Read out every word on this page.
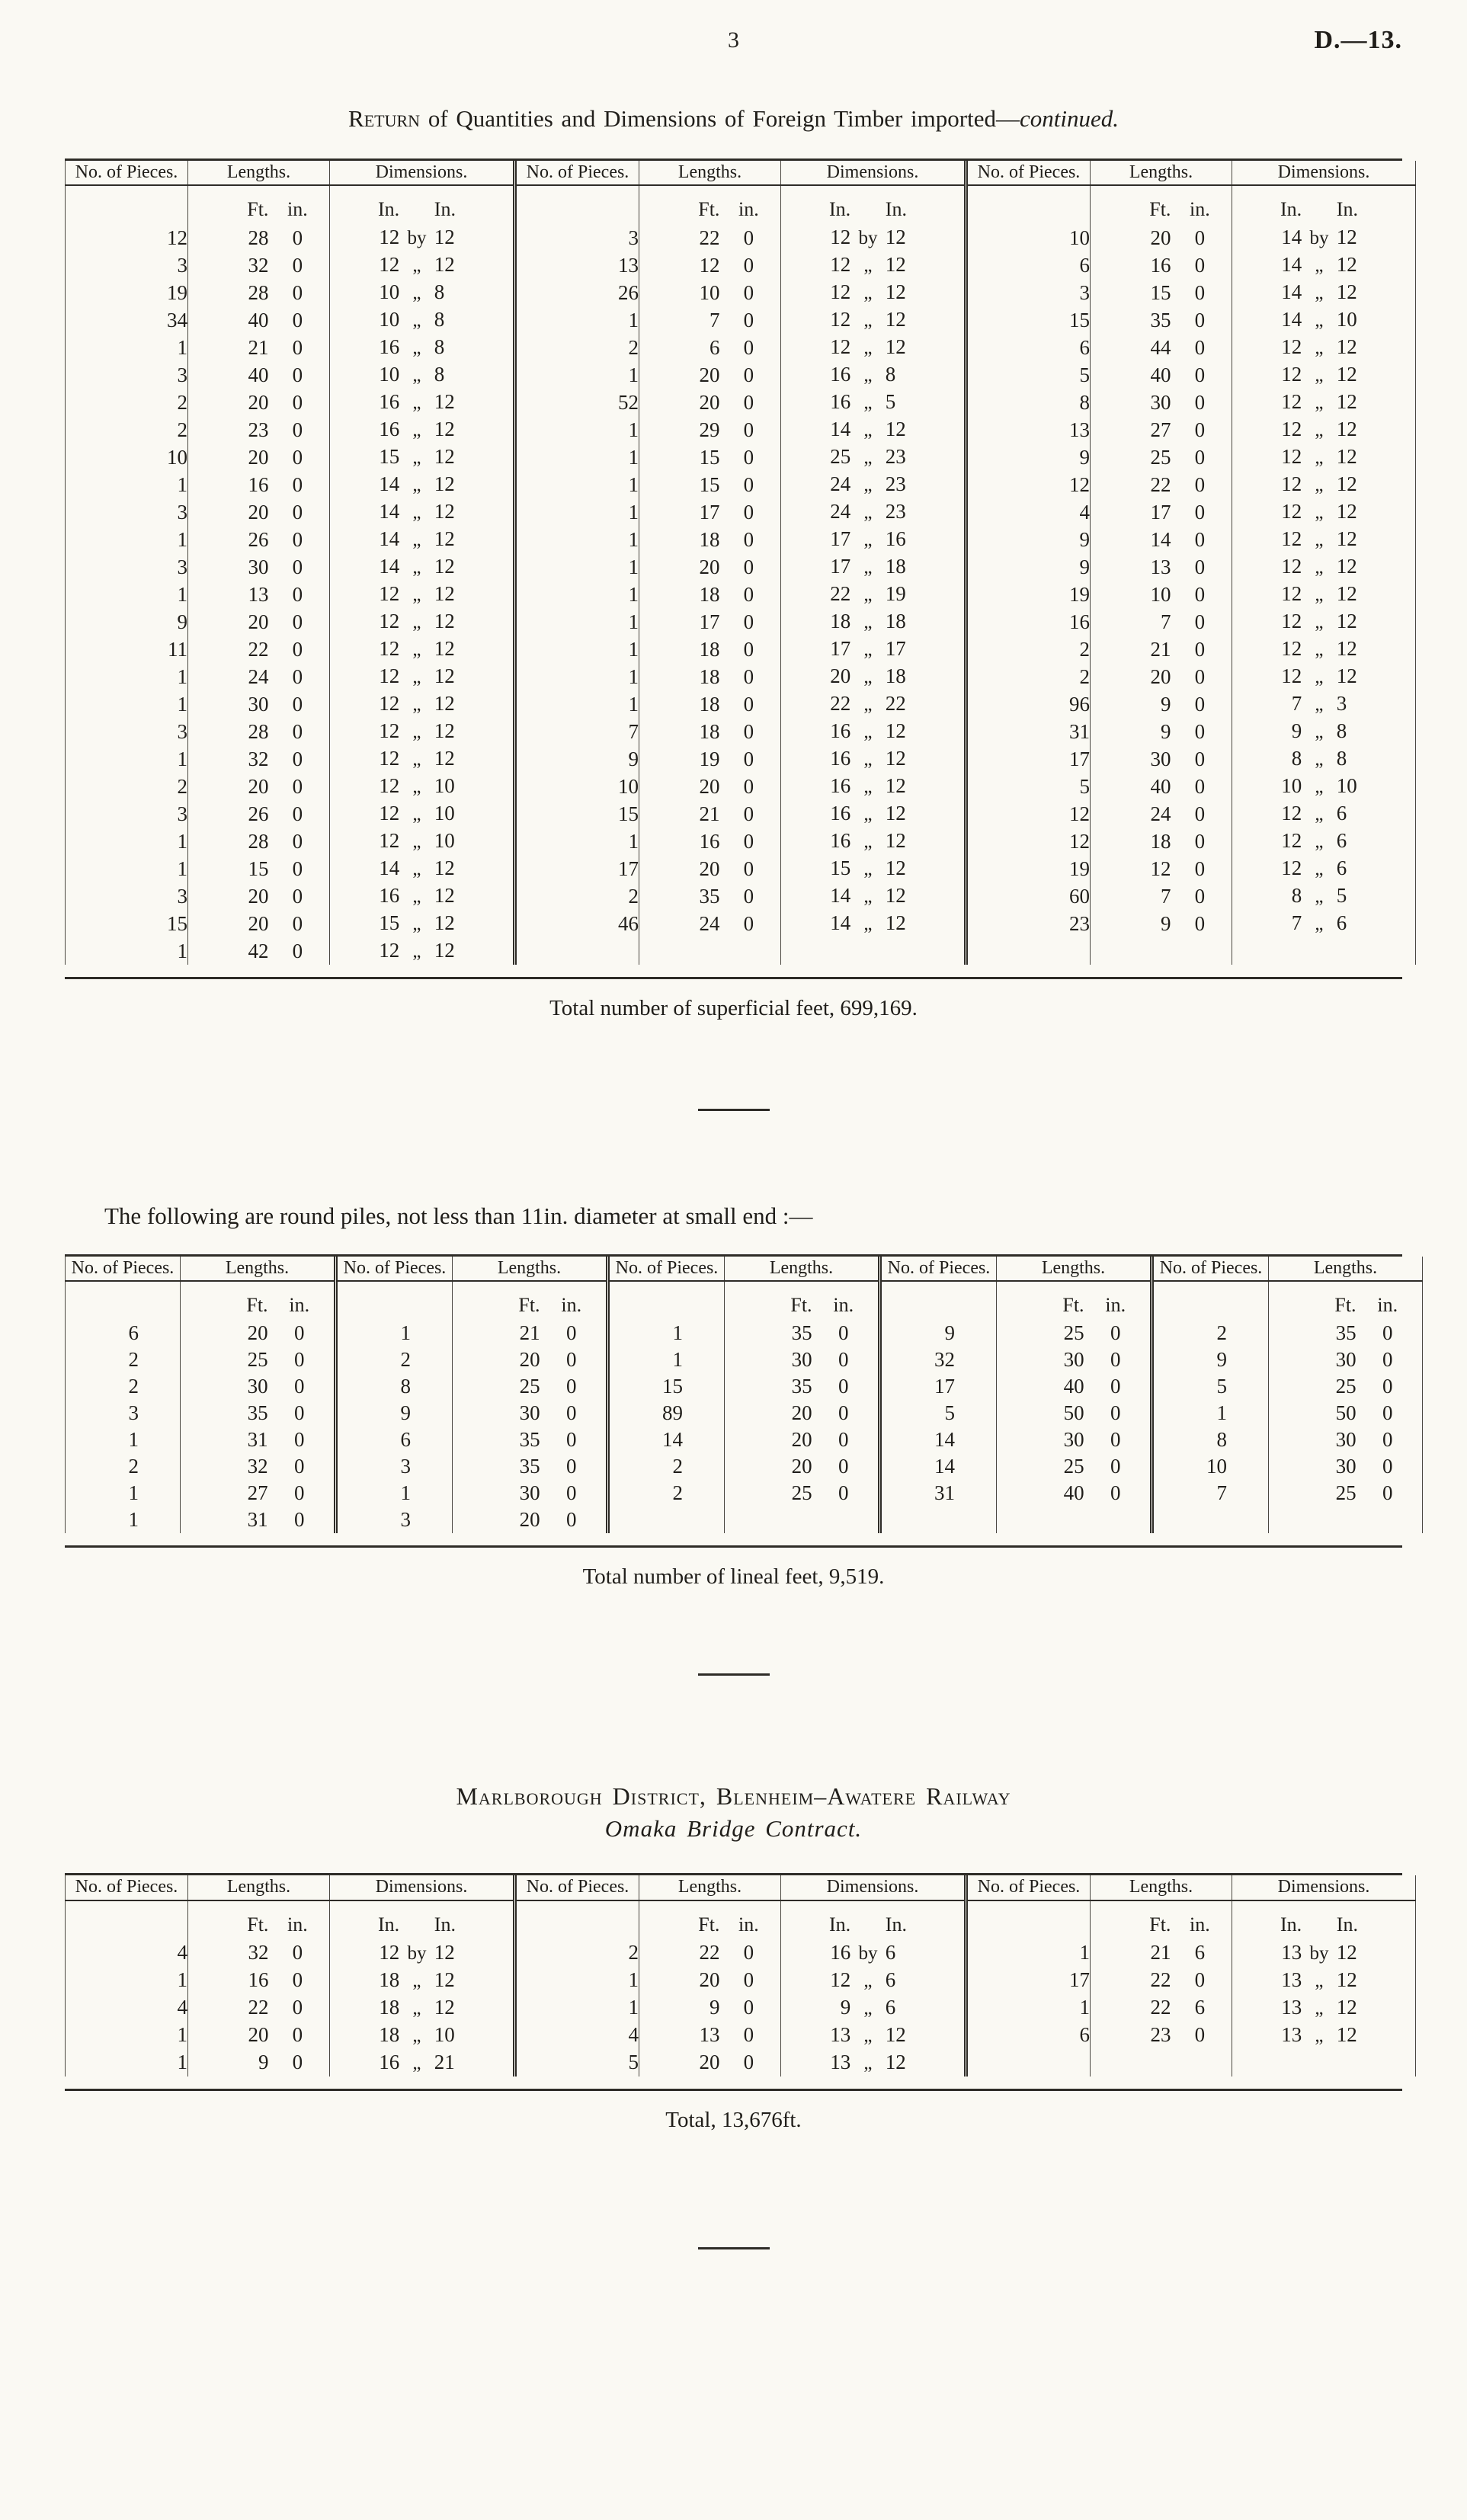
3	D.—13.
Return of Quantities and Dimensions of Foreign Timber imported—continued.
No. of Pieces.	Lengths.	Dimensions.	No. of Pieces.	Lengths.	Dimensions.	No. of Pieces.	Lengths.	Dimensions.
	Ft. in.	In. In.		Ft. in.	In. In.		Ft. in.	In. In.
12	28 0	12 by 12	3	22 0	12 by 12	10	20 0	14 by 12
3	32 0	12 „ 12	13	12 0	12 „ 12	6	16 0	14 „ 12
19	28 0	10 „ 8	26	10 0	12 „ 12	3	15 0	14 „ 12
34	40 0	10 „ 8	1	7 0	12 „ 12	15	35 0	14 „ 10
1	21 0	16 „ 8	2	6 0	12 „ 12	6	44 0	12 „ 12
3	40 0	10 „ 8	1	20 0	16 „ 8	5	40 0	12 „ 12
2	20 0	16 „ 12	52	20 0	16 „ 5	8	30 0	12 „ 12
2	23 0	16 „ 12	1	29 0	14 „ 12	13	27 0	12 „ 12
10	20 0	15 „ 12	1	15 0	25 „ 23	9	25 0	12 „ 12
1	16 0	14 „ 12	1	15 0	24 „ 23	12	22 0	12 „ 12
3	20 0	14 „ 12	1	17 0	24 „ 23	4	17 0	12 „ 12
1	26 0	14 „ 12	1	18 0	17 „ 16	9	14 0	12 „ 12
3	30 0	14 „ 12	1	20 0	17 „ 18	9	13 0	12 „ 12
1	13 0	12 „ 12	1	18 0	22 „ 19	19	10 0	12 „ 12
9	20 0	12 „ 12	1	17 0	18 „ 18	16	7 0	12 „ 12
11	22 0	12 „ 12	1	18 0	17 „ 17	2	21 0	12 „ 12
1	24 0	12 „ 12	1	18 0	20 „ 18	2	20 0	12 „ 12
1	30 0	12 „ 12	1	18 0	22 „ 22	96	9 0	7 „ 3
3	28 0	12 „ 12	7	18 0	16 „ 12	31	9 0	9 „ 8
1	32 0	12 „ 12	9	19 0	16 „ 12	17	30 0	8 „ 8
2	20 0	12 „ 10	10	20 0	16 „ 12	5	40 0	10 „ 10
3	26 0	12 „ 10	15	21 0	16 „ 12	12	24 0	12 „ 6
1	28 0	12 „ 10	1	16 0	16 „ 12	12	18 0	12 „ 6
1	15 0	14 „ 12	17	20 0	15 „ 12	19	12 0	12 „ 6
3	20 0	16 „ 12	2	35 0	14 „ 12	60	7 0	8 „ 5
15	20 0	15 „ 12	46	24 0	14 „ 12	23	9 0	7 „ 6
1	42 0	12 „ 12						
Total number of superficial feet, 699,169.
The following are round piles, not less than 11in. diameter at small end :—
No. of Pieces.	Lengths.	No. of Pieces.	Lengths.	No. of Pieces.	Lengths.	No. of Pieces.	Lengths.	No. of Pieces.	Lengths.
	Ft. in.		Ft. in.		Ft. in.		Ft. in.		Ft. in.
6	20 0	1	21 0	1	35 0	9	25 0	2	35 0
2	25 0	2	20 0	1	30 0	32	30 0	9	30 0
2	30 0	8	25 0	15	35 0	17	40 0	5	25 0
3	35 0	9	30 0	89	20 0	5	50 0	1	50 0
1	31 0	6	35 0	14	20 0	14	30 0	8	30 0
2	32 0	3	35 0	2	20 0	14	25 0	10	30 0
1	27 0	1	30 0	2	25 0	31	40 0	7	25 0
1	31 0	3	20 0						
Total number of lineal feet, 9,519.
Marlborough District, Blenheim–Awatere Railway
Omaka Bridge Contract.
No. of Pieces.	Lengths.	Dimensions.	No. of Pieces.	Lengths.	Dimensions.	No. of Pieces.	Lengths.	Dimensions.
	Ft. in.	In. In.		Ft. in.	In. In.		Ft. in.	In. In.
4	32 0	12 by 12	2	22 0	16 by 6	1	21 6	13 by 12
1	16 0	18 „ 12	1	20 0	12 „ 6	17	22 0	13 „ 12
4	22 0	18 „ 12	1	9 0	9 „ 6	1	22 6	13 „ 12
1	20 0	18 „ 10	4	13 0	13 „ 12	6	23 0	13 „ 12
1	9 0	16 „ 21	5	20 0	13 „ 12			
Total, 13,676ft.
